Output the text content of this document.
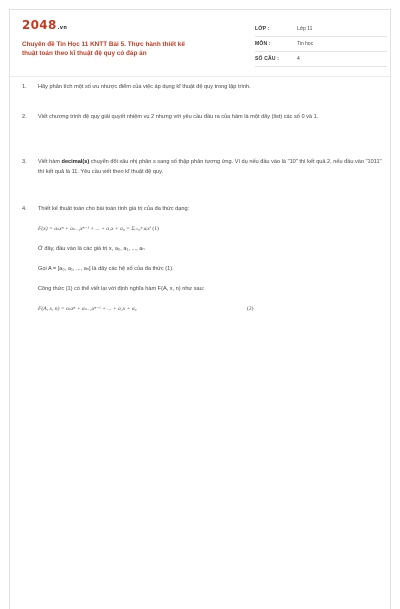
2048.vn
Chuyên đề Tin Học 11 KNTT Bài 5. Thực hành thiết kế
thuật toán theo kĩ thuật đệ quy có đáp án
LỚP :	Lớp 11
MÔN :	Tin học
SỐ CÂU :	4
1. Hãy phân tích một số ưu nhược điểm của việc áp dụng kĩ thuật đệ quy trong lập trình.
2. Viết chương trình đệ quy giải quyết nhiệm vụ 2 nhưng với yêu cầu đầu ra của hàm là một dãy (list) các số 0 và 1.
3. Viết hàm decimal(s) chuyển đổi xâu nhị phân s sang số thập phân tương ứng. Ví dụ nếu đầu vào là "10" thì kết quả 2, nếu đầu vào "1011" thì kết quả là 11. Yêu cầu viết theo kĩ thuật đệ quy.
4. Thiết kế thuật toán cho bài toán tính giá trị của đa thức dạng:
F(x) = aₙxⁿ + aₙ₋₁xⁿ⁻¹ + ... + a₁x + a₀ = Σᵢ₌₀ⁿ aᵢxⁱ (1)
Ở đây, đầu vào là các giá trị x, a₀, a₁, ..., aₙ
Gọi A = [a₀, a₁, ..., aₙ] là dãy các hệ số của đa thức (1).
Công thức (1) có thể viết lại với định nghĩa hàm F(A, x, n) như sau:
F(A, x, n) = aₙxⁿ + aₙ₋₁xⁿ⁻¹ + ... + a₁x + a₀	(2)
